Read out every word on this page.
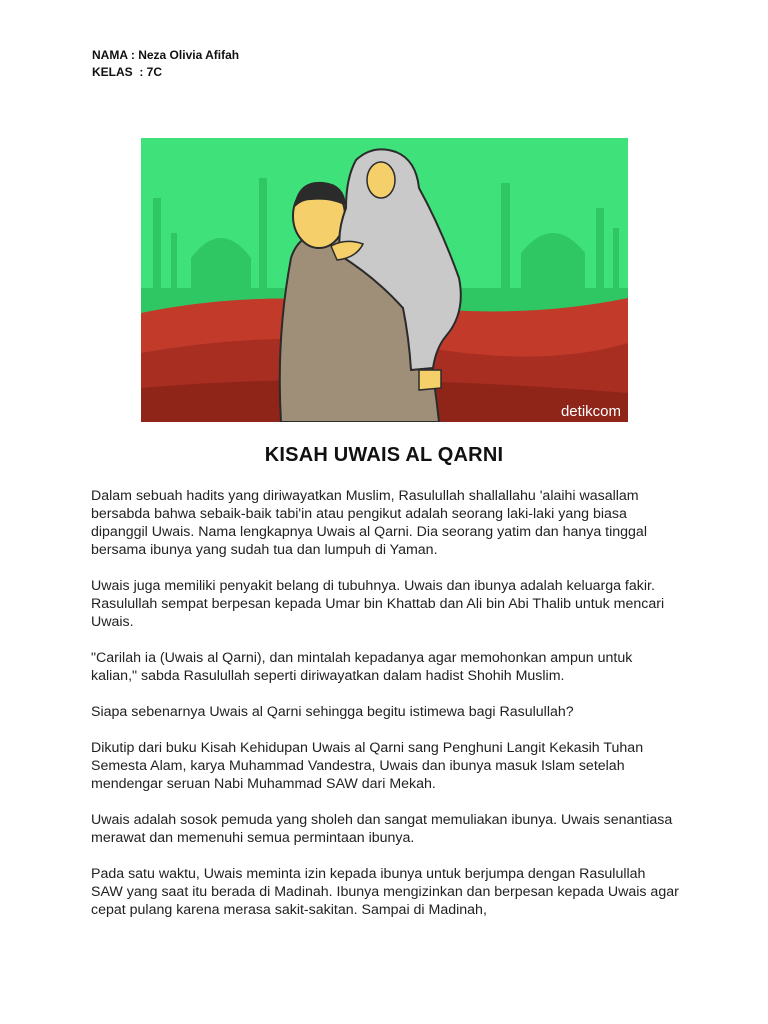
NAMA : Neza Olivia Afifah
KELAS  : 7C
detikcom
KISAH UWAIS AL QARNI

Dalam sebuah hadits yang diriwayatkan Muslim, Rasulullah shallallahu 'alaihi wasallam bersabda bahwa sebaik-baik tabi'in atau pengikut adalah seorang laki-laki yang biasa dipanggil Uwais. Nama lengkapnya Uwais al Qarni. Dia seorang yatim dan hanya tinggal bersama ibunya yang sudah tua dan lumpuh di Yaman.

Uwais juga memiliki penyakit belang di tubuhnya. Uwais dan ibunya adalah keluarga fakir. Rasulullah sempat berpesan kepada Umar bin Khattab dan Ali bin Abi Thalib untuk mencari Uwais.

"Carilah ia (Uwais al Qarni), dan mintalah kepadanya agar memohonkan ampun untuk kalian," sabda Rasulullah seperti diriwayatkan dalam hadist Shohih Muslim.

Siapa sebenarnya Uwais al Qarni sehingga begitu istimewa bagi Rasulullah?

Dikutip dari buku Kisah Kehidupan Uwais al Qarni sang Penghuni Langit Kekasih Tuhan Semesta Alam, karya Muhammad Vandestra, Uwais dan ibunya masuk Islam setelah mendengar seruan Nabi Muhammad SAW dari Mekah.

Uwais adalah sosok pemuda yang sholeh dan sangat memuliakan ibunya. Uwais senantiasa merawat dan memenuhi semua permintaan ibunya.

Pada satu waktu, Uwais meminta izin kepada ibunya untuk berjumpa dengan Rasulullah SAW yang saat itu berada di Madinah. Ibunya mengizinkan dan berpesan kepada Uwais agar cepat pulang karena merasa sakit-sakitan. Sampai di Madinah,
